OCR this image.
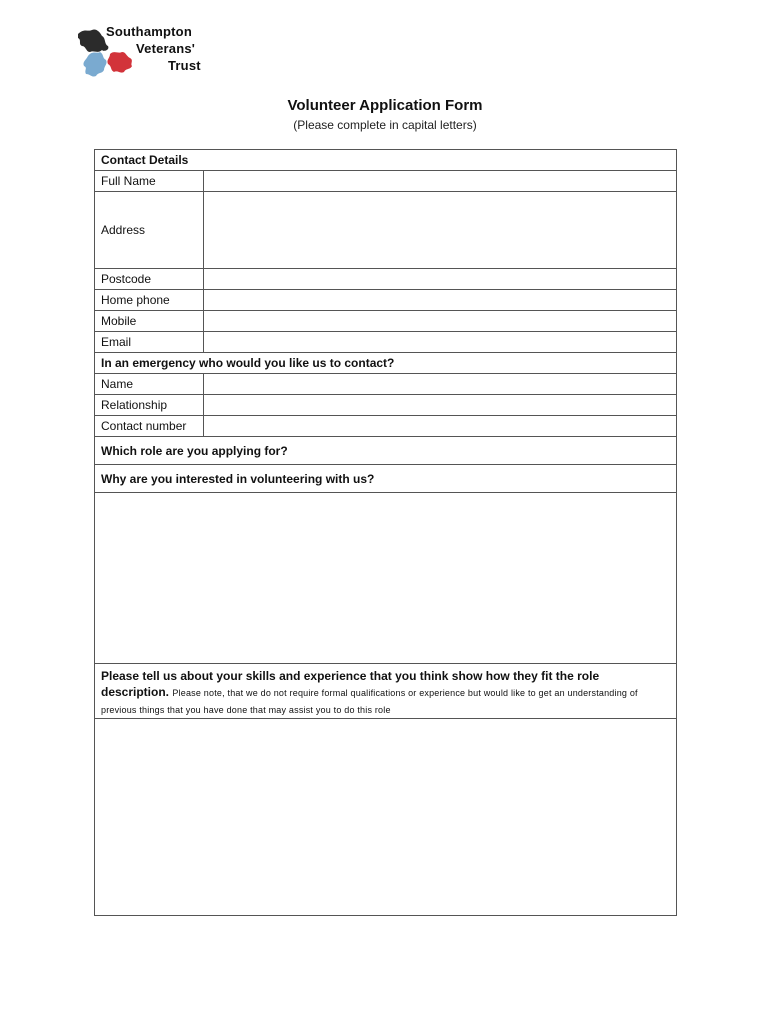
Southampton
Veterans'
Trust
Volunteer Application Form
(Please complete in capital letters)
Contact Details	
Full Name	
Address	
Postcode	
Home phone	
Mobile	
Email	
In an emergency who would you like us to contact?	
Name	
Relationship	
Contact number	
Which role are you applying for?	
Why are you interested in volunteering with us?	

Please tell us about your skills and experience that you think show how they fit the role
description. Please note, that we do not require formal qualifications or experience but would like to get an understanding of previous things that you have done that may assist you to do this role	
